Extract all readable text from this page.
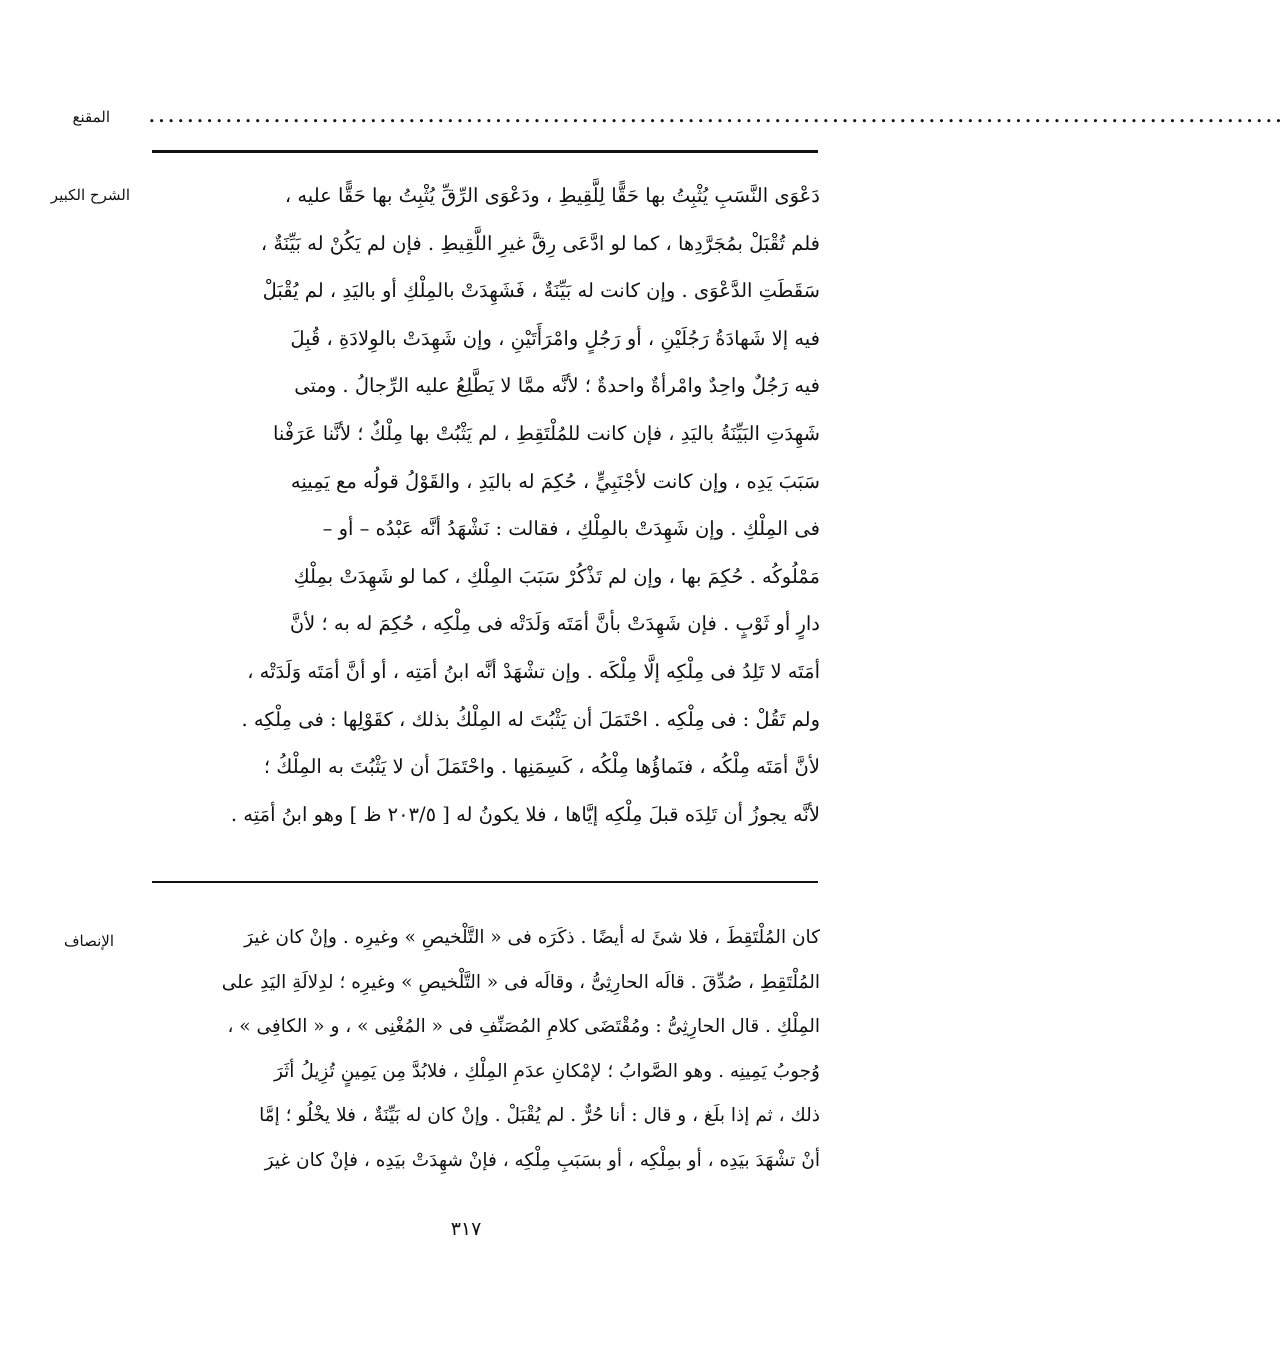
المقنع ......................................................................................................................
الشرح الكبير	دَعْوَى النَّسَبِ يُثْبِتُ بها حَقًّا لِلَّقِيطِ ، ودَعْوَى الرِّقِّ يُثْبِتُ بها حَقًّا عليه ،
فلم تُقْبَلْ بمُجَرَّدِها ، كما لو ادَّعَى رِقَّ غيرِ اللَّقِيطِ . فإن لم يَكُنْ له بَيِّنَةٌ ،
سَقَطَتِ الدَّعْوَى . وإن كانت له بَيِّنَةٌ ، فَشَهِدَتْ بالمِلْكِ أو باليَدِ ، لم يُقْبَلْ
فيه إلا شَهادَةُ رَجُلَيْنِ ، أو رَجُلٍ وامْرَأَتَيْنِ ، وإن شَهِدَتْ بالوِلادَةِ ، قُبِلَ
فيه رَجُلٌ واحِدٌ وامْرأةٌ واحدةٌ ؛ لأنَّه ممَّا لا يَطَّلِعُ عليه الرِّجالُ . ومتى
شَهِدَتِ البَيِّنَةُ باليَدِ ، فإن كانت للمُلْتَقِطِ ، لم يَثْبُتْ بها مِلْكٌ ؛ لأنَّنا عَرَفْنا
سَبَبَ يَدِه ، وإن كانت لأجْنَبِيٍّ ، حُكِمَ له باليَدِ ، والقَوْلُ قولُه مع يَمِينِه
فى المِلْكِ . وإن شَهِدَتْ بالمِلْكِ ، فقالت : نَشْهَدُ أنَّه عَبْدُه – أو –
مَمْلُوكُه . حُكِمَ بها ، وإن لم تَذْكُرْ سَبَبَ المِلْكِ ، كما لو شَهِدَتْ بمِلْكِ
دارٍ أو ثَوْبٍ . فإن شَهِدَتْ بأنَّ أمَتَه وَلَدَتْه فى مِلْكِه ، حُكِمَ له به ؛ لأنَّ
أمَتَه لا تَلِدُ فى مِلْكِه إلَّا مِلْكَه . وإن تشْهَدْ أنَّه ابنُ أمَتِه ، أو أنَّ أمَتَه وَلَدَتْه ،
ولم تَقُلْ : فى مِلْكِه . احْتَمَلَ أن يَثْبُتَ له المِلْكُ بذلك ، كقَوْلِها : فى مِلْكِه .
لأنَّ أمَتَه مِلْكُه ، فنَماؤُها مِلْكُه ، كَسِمَنِها . واحْتَمَلَ أن لا يَثْبُتَ به المِلْكُ ؛
لأنَّه يجوزُ أن تَلِدَه قبلَ مِلْكِه إيَّاها ، فلا يكونُ له [ ٢٠٣/٥ ظ ] وهو ابنُ أمَتِه .
الإنصاف	كان المُلْتَقِطَ ، فلا شئَ له أيضًا . ذكَرَه فى « التَّلْخيصِ » وغيرِه . وإنْ كان غيرَ
المُلْتَقِطِ ، صُدِّقَ . قالَه الحارِثِىُّ ، وقالَه فى « التَّلْخيصِ » وغيرِه ؛ لدِلالَةِ اليَدِ على
المِلْكِ . قال الحارِثِىُّ : ومُقْتَضَى كلامِ المُصَنِّفِ فى « المُغْنِى » ، و « الكافِى » ،
وُجوبُ يَمِينِه . وهو الصَّوابُ ؛ لإمْكانِ عدَمِ المِلْكِ ، فلابُدَّ مِن يَمِينٍ تُزِيلُ أثَرَ
ذلك ، ثم إذا بلَغ ، و قال : أنا حُرٌّ . لم يُقْبَلْ . وإنْ كان له بَيِّنَةٌ ، فلا يخْلُو ؛ إمَّا
أنْ تشْهَدَ بيَدِه ، أو بمِلْكِه ، أو بسَبَبِ مِلْكِه ، فإنْ شهِدَتْ بيَدِه ، فإنْ كان غيرَ
٣١٧
